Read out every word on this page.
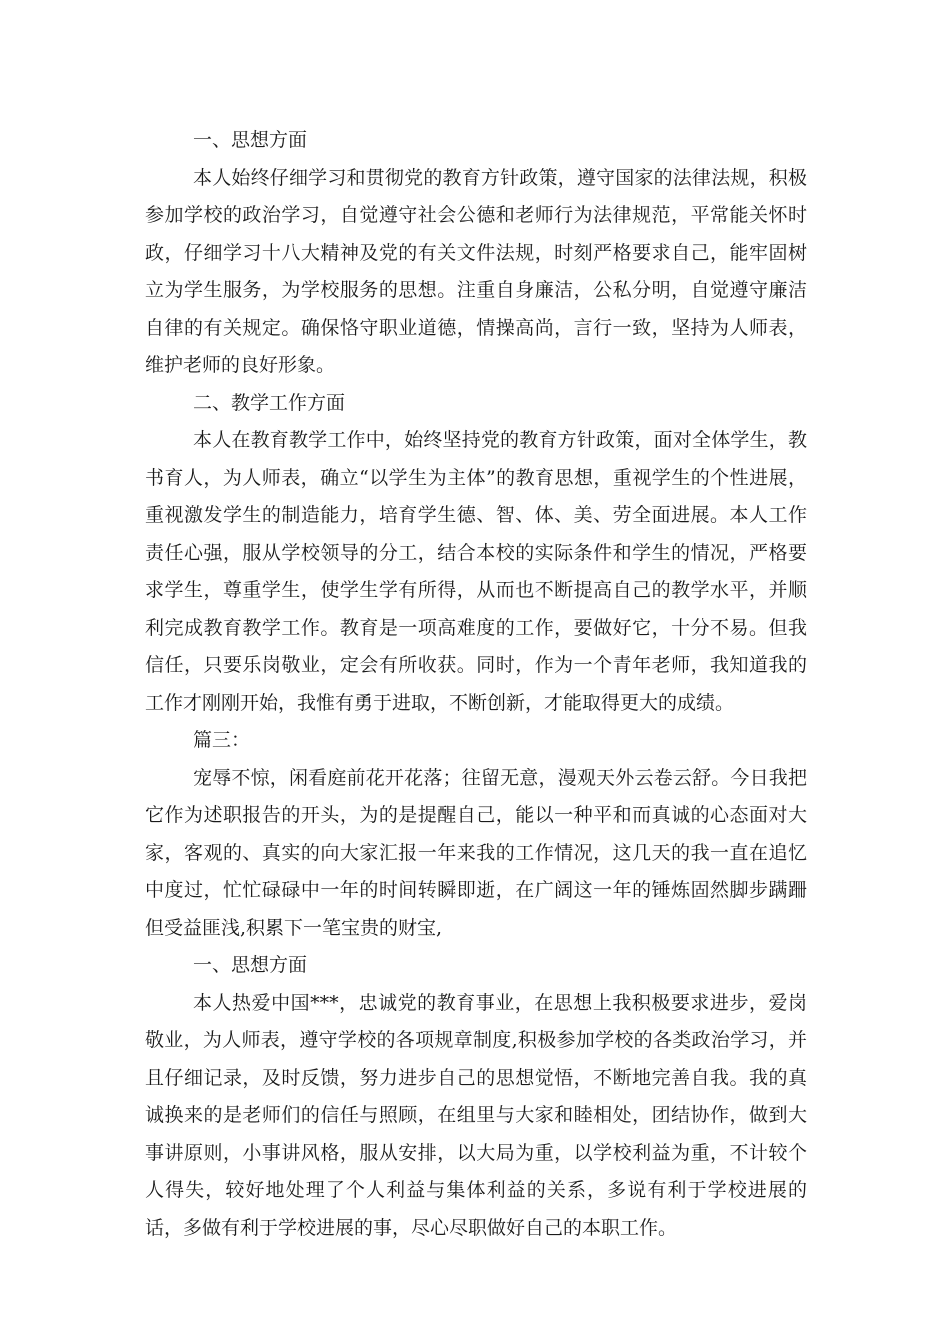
一、思想方面

本人始终仔细学习和贯彻党的教育方针政策，遵守国家的法律法规，积极参加学校的政治学习，自觉遵守社会公德和老师行为法律规范，平常能关怀时政，仔细学习十八大精神及党的有关文件法规，时刻严格要求自己，能牢固树立为学生服务，为学校服务的思想。注重自身廉洁，公私分明，自觉遵守廉洁自律的有关规定。确保恪守职业道德，情操高尚，言行一致，坚持为人师表，维护老师的良好形象。

二、教学工作方面

本人在教育教学工作中，始终坚持党的教育方针政策，面对全体学生，教书育人，为人师表，确立“以学生为主体”的教育思想，重视学生的个性进展，重视激发学生的制造能力，培育学生德、智、体、美、劳全面进展。本人工作责任心强，服从学校领导的分工，结合本校的实际条件和学生的情况，严格要求学生，尊重学生，使学生学有所得，从而也不断提高自己的教学水平，并顺利完成教育教学工作。教育是一项高难度的工作，要做好它，十分不易。但我信任，只要乐岗敬业，定会有所收获。同时，作为一个青年老师，我知道我的工作才刚刚开始，我惟有勇于进取，不断创新，才能取得更大的成绩。

篇三：

宠辱不惊，闲看庭前花开花落；往留无意，漫观天外云卷云舒。今日我把它作为述职报告的开头，为的是提醒自己，能以一种平和而真诚的心态面对大家，客观的、真实的向大家汇报一年来我的工作情况，这几天的我一直在追忆中度过，忙忙碌碌中一年的时间转瞬即逝，在广阔这一年的锤炼固然脚步蹒跚但受益匪浅,积累下一笔宝贵的财宝,

一、思想方面

本人热爱中国***，忠诚党的教育事业，在思想上我积极要求进步，爱岗敬业，为人师表，遵守学校的各项规章制度,积极参加学校的各类政治学习，并且仔细记录，及时反馈，努力进步自己的思想觉悟，不断地完善自我。我的真诚换来的是老师们的信任与照顾，在组里与大家和睦相处，团结协作，做到大事讲原则，小事讲风格，服从安排，以大局为重，以学校利益为重，不计较个人得失，较好地处理了个人利益与集体利益的关系，多说有利于学校进展的话，多做有利于学校进展的事，尽心尽职做好自己的本职工作。
